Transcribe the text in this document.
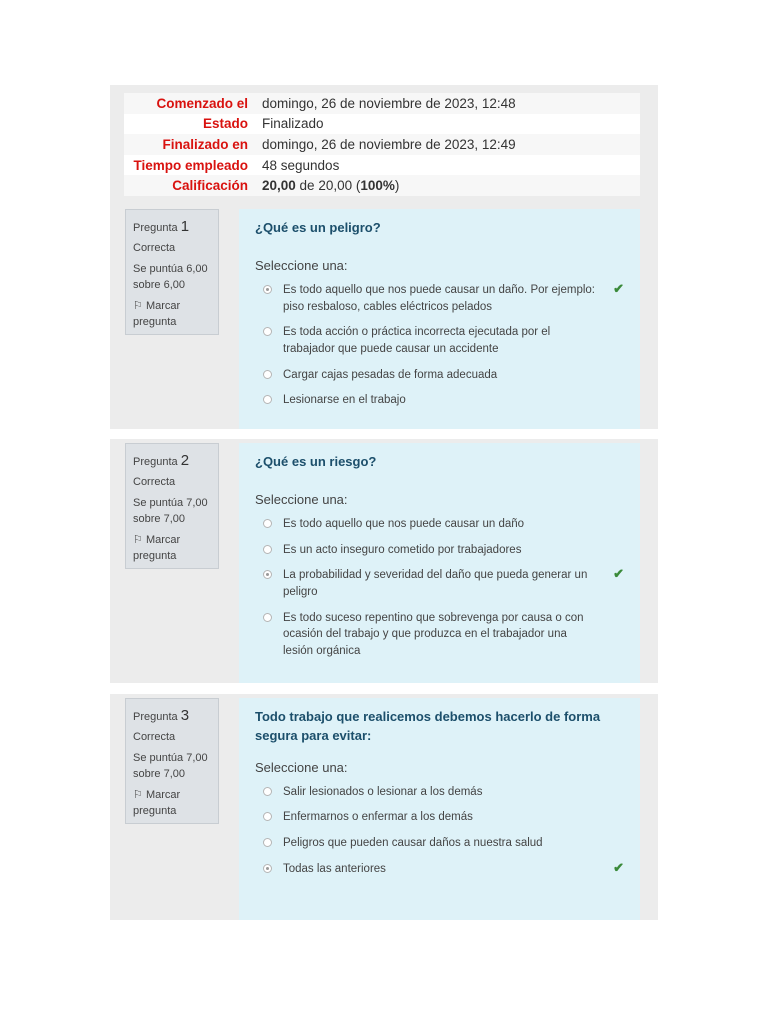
Comenzado el	domingo, 26 de noviembre de 2023, 12:48
Estado	Finalizado
Finalizado en	domingo, 26 de noviembre de 2023, 12:49
Tiempo empleado	48 segundos
Calificación	20,00 de 20,00 (100%)
Pregunta 1
Correcta
Se puntúa 6,00 sobre 6,00
⚐ Marcar pregunta
¿Qué es un peligro?
Seleccione una:
Es todo aquello que nos puede causar un daño. Por ejemplo: piso resbaloso, cables eléctricos pelados
✔
Es toda acción o práctica incorrecta ejecutada por el trabajador que puede causar un accidente
Cargar cajas pesadas de forma adecuada
Lesionarse en el trabajo
Pregunta 2
Correcta
Se puntúa 7,00 sobre 7,00
⚐ Marcar pregunta
¿Qué es un riesgo?
Seleccione una:
Es todo aquello que nos puede causar un daño
Es un acto inseguro cometido por trabajadores
La probabilidad y severidad del daño que pueda generar un peligro
✔
Es todo suceso repentino que sobrevenga por causa o con ocasión del trabajo y que produzca en el trabajador una lesión orgánica
Pregunta 3
Correcta
Se puntúa 7,00 sobre 7,00
⚐ Marcar pregunta
Todo trabajo que realicemos debemos hacerlo de forma segura para evitar:
Seleccione una:
Salir lesionados o lesionar a los demás
Enfermarnos o enfermar a los demás
Peligros que pueden causar daños a nuestra salud
Todas las anteriores	✔
